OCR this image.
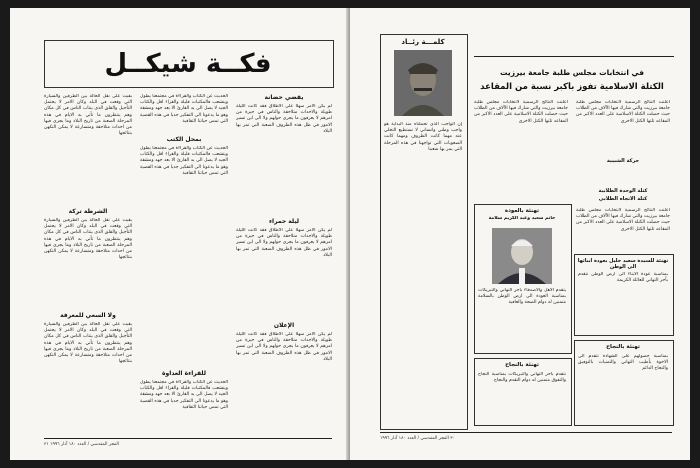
فكــة شيكــل
بقيت على نقل الحالة بين الطرفين والسيارة التي وقعت في البلد وكان الامر لا يحتمل التأجيل والقلق الذي ينتاب الناس في كل مكان وهم ينتظرون ما تأتي به الايام في هذه المرحلة الصعبة من تاريخ البلاد وما يجري فيها من احداث متلاحقة ومتسارعة لا يمكن التكهن بنتائجها
الشرطة تركة
بقيت على نقل الحالة بين الطرفين والسيارة التي وقعت في البلد وكان الامر لا يحتمل التأجيل والقلق الذي ينتاب الناس في كل مكان وهم ينتظرون ما تأتي به الايام في هذه المرحلة الصعبة من تاريخ البلاد وما يجري فيها من احداث متلاحقة ومتسارعة لا يمكن التكهن بنتائجها
ولا السعي للمعرفة
بقيت على نقل الحالة بين الطرفين والسيارة التي وقعت في البلد وكان الامر لا يحتمل التأجيل والقلق الذي ينتاب الناس في كل مكان وهم ينتظرون ما تأتي به الايام في هذه المرحلة الصعبة من تاريخ البلاد وما يجري فيها من احداث متلاحقة ومتسارعة لا يمكن التكهن بنتائجها
الحديث عن الكتاب والقراءة في مجتمعنا يطول ويتشعب فالمكتبات قليلة والقراء اقل والكتاب الجيد لا يصل الى يد القارئ الا بعد جهد ومشقة وهو ما يدعونا الى التفكير جديا في هذه القضية التي تمس حياتنا الثقافية
بمحل الكتب
الحديث عن الكتاب والقراءة في مجتمعنا يطول ويتشعب فالمكتبات قليلة والقراء اقل والكتاب الجيد لا يصل الى يد القارئ الا بعد جهد ومشقة وهو ما يدعونا الى التفكير جديا في هذه القضية التي تمس حياتنا الثقافية
للقراءة العداوة
الحديث عن الكتاب والقراءة في مجتمعنا يطول ويتشعب فالمكتبات قليلة والقراء اقل والكتاب الجيد لا يصل الى يد القارئ الا بعد جهد ومشقة وهو ما يدعونا الى التفكير جديا في هذه القضية التي تمس حياتنا الثقافية
يقضي حضانة
لم يكن الامر سهلا على الاطلاق فقد كانت الليلة طويلة والاحداث متلاحقة والناس في حيرة من امرهم لا يعرفون ما يجري حولهم ولا الى اين تسير الامور في ظل هذه الظروف الصعبة التي تمر بها البلاد
ليلة حمراء
لم يكن الامر سهلا على الاطلاق فقد كانت الليلة طويلة والاحداث متلاحقة والناس في حيرة من امرهم لا يعرفون ما يجري حولهم ولا الى اين تسير الامور في ظل هذه الظروف الصعبة التي تمر بها البلاد
الإعلان
لم يكن الامر سهلا على الاطلاق فقد كانت الليلة طويلة والاحداث متلاحقة والناس في حيرة من امرهم لا يعرفون ما يجري حولهم ولا الى اين تسير الامور في ظل هذه الظروف الصعبة التي تمر بها البلاد
الفجر المقدسي / العدد ١٨٠ آذار ١٩٩٦ ٣١
كلمـــة رئــاد
إن الواجب الذي تحملناه منذ البداية هو واجب وطني وانساني لا نستطيع التخلي عنه مهما كانت الظروف ومهما كانت الصعوبات التي تواجهنا في هذه المرحلة التي يمر بها شعبنا
في انتخابات مجلس طلبة جامعة بيرزيت
الكتلة الاسلامية تفوز بأكبر نسبة من المقاعد
أعلنت النتائج الرسمية لانتخابات مجلس طلبة جامعة بيرزيت والتي شارك فيها الآلاف من الطلاب حيث حصلت الكتلة الاسلامية على العدد الاكبر من المقاعد تلتها الكتل الاخرى
حركة الشبيبة
كتلة الوحدة الطلابية
كتلة الاتجاه الطلابي
أعلنت النتائج الرسمية لانتخابات مجلس طلبة جامعة بيرزيت والتي شارك فيها الآلاف من الطلاب حيث حصلت الكتلة الاسلامية على العدد الاكبر من المقاعد تلتها الكتل الاخرى
تهنئة بالعودة
حاتم سعيد وعبد الكريم سلامة
يتقدم الاهل والاصدقاء بأحر التهاني والتبريكات بمناسبة العودة الى ارض الوطن بالسلامة متمنين له دوام الصحة والعافية
تهنئة بالنجاح
نتقدم بأحر التهاني والتبريكات بمناسبة النجاح والتفوق متمنين له دوام التقدم والنجاح
أعلنت النتائج الرسمية لانتخابات مجلس طلبة جامعة بيرزيت والتي شارك فيها الآلاف من الطلاب حيث حصلت الكتلة الاسلامية على العدد الاكبر من المقاعد تلتها الكتل الاخرى
تهنئة للسيدة سعيد خليل بعودة ابنائها الى الوطن
بمناسبة عودة الابناء الى ارض الوطن نتقدم بأحر التهاني للعائلة الكريمة
تهنئة بالنجاح
بمناسبة حصولهم على الشهادة نتقدم الى الاخوة بأطيب التهاني والتمنيات بالتوفيق والنجاح الدائم
٣٠ الفجر المقدسي / العدد ١٨٠ آذار ١٩٩٦
